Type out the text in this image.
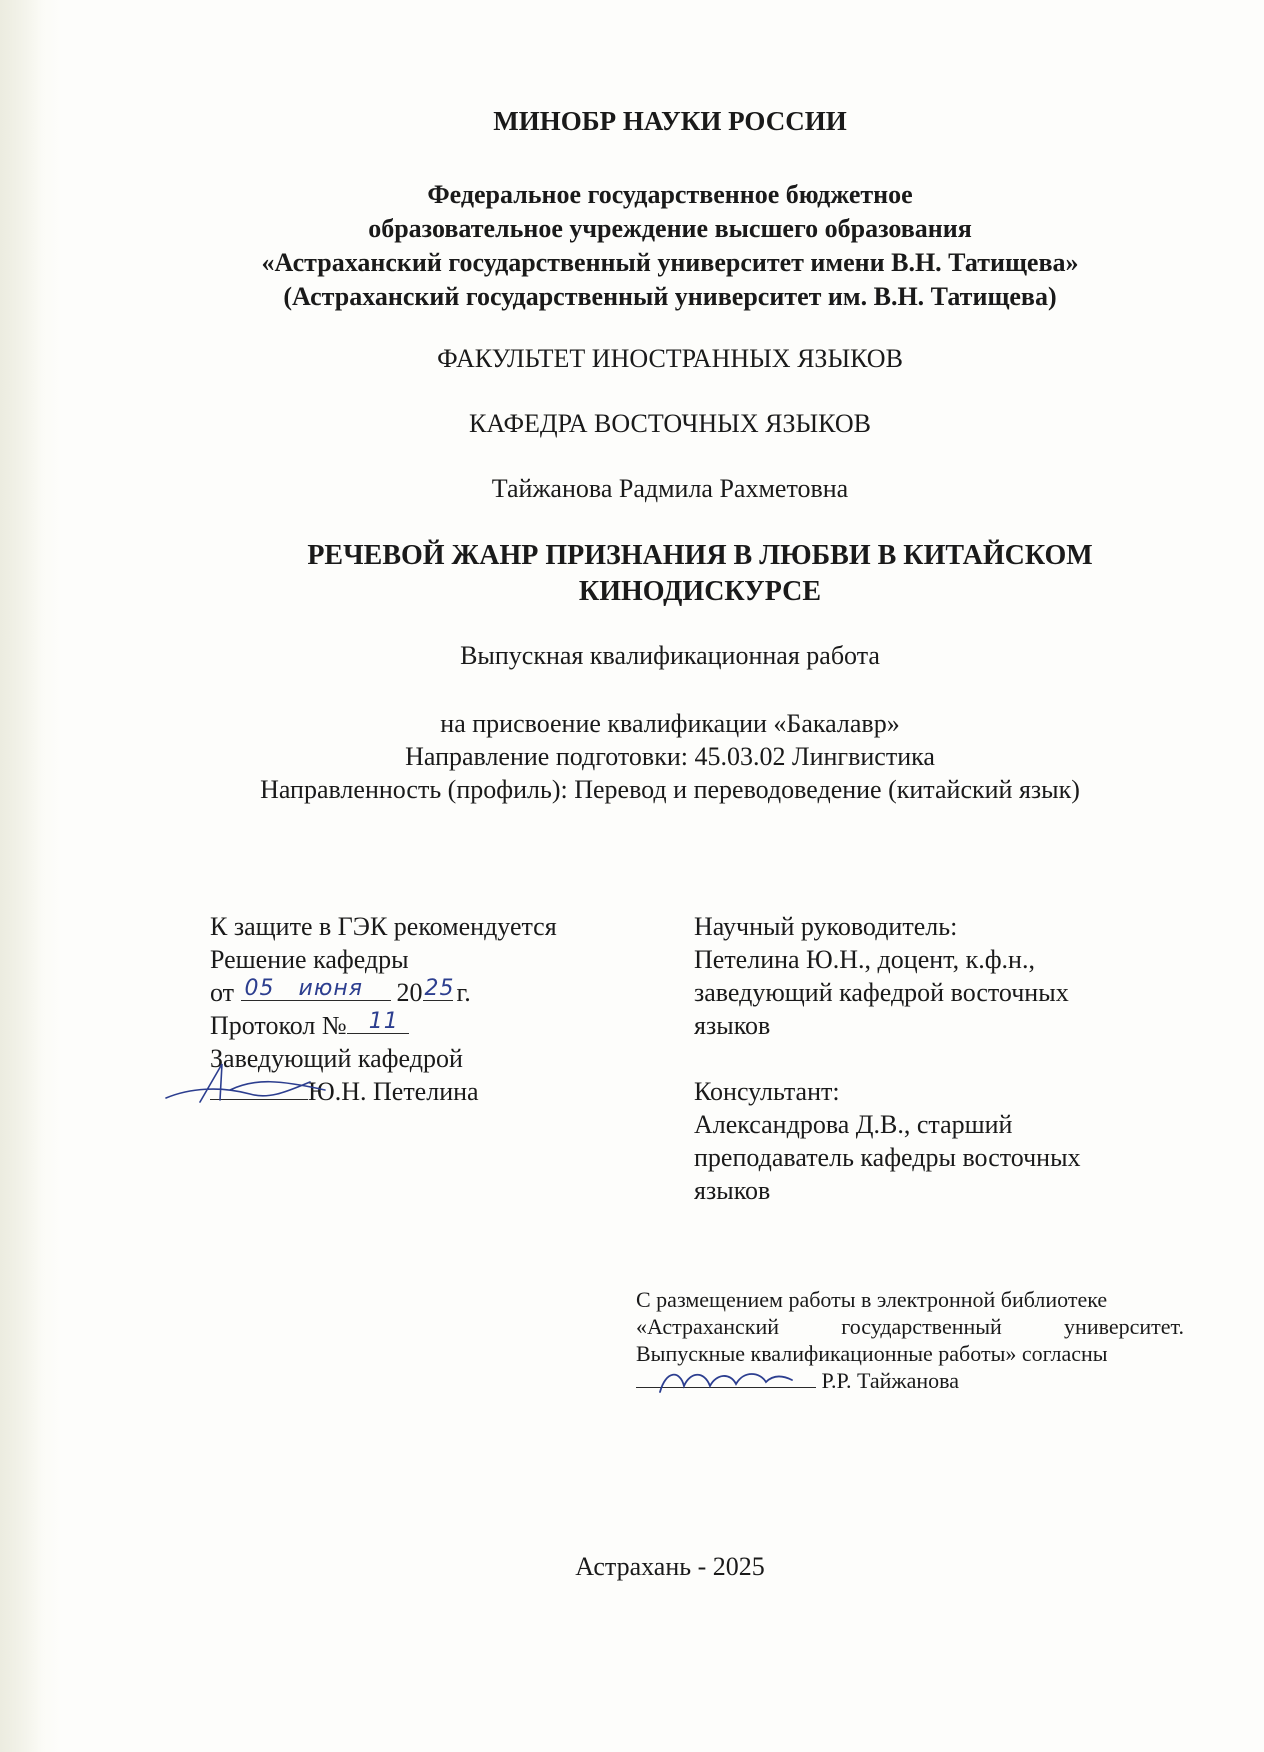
МИНОБР НАУКИ РОССИИ
Федеральное государственное бюджетное
образовательное учреждение высшего образования
«Астраханский государственный университет имени В.Н. Татищева»
(Астраханский государственный университет им. В.Н. Татищева)
ФАКУЛЬТЕТ ИНОСТРАННЫХ ЯЗЫКОВ
КАФЕДРА ВОСТОЧНЫХ ЯЗЫКОВ
Тайжанова Радмила Рахметовна
РЕЧЕВОЙ ЖАНР ПРИЗНАНИЯ В ЛЮБВИ В КИТАЙСКОМ
КИНОДИСКУРСЕ
Выпускная квалификационная работа
на присвоение квалификации «Бакалавр»
Направление подготовки: 45.03.02 Лингвистика
Направленность (профиль): Перевод и переводоведение (китайский язык)
К защите в ГЭК рекомендуется
Решение кафедры
от 05 июня 20 25 г.
Протокол № 11
Заведующий кафедрой
Ю.Н. Петелина
Научный руководитель:
Петелина Ю.Н., доцент, к.ф.н.,
заведующий кафедрой восточных
языков
Консультант:
Александрова Д.В., старший
преподаватель кафедры восточных
языков
С размещением работы в электронной библиотеке
«Астраханский государственный университет.
Выпускные квалификационные работы» согласны
Р.Р. Тайжанова
Астрахань - 2025
